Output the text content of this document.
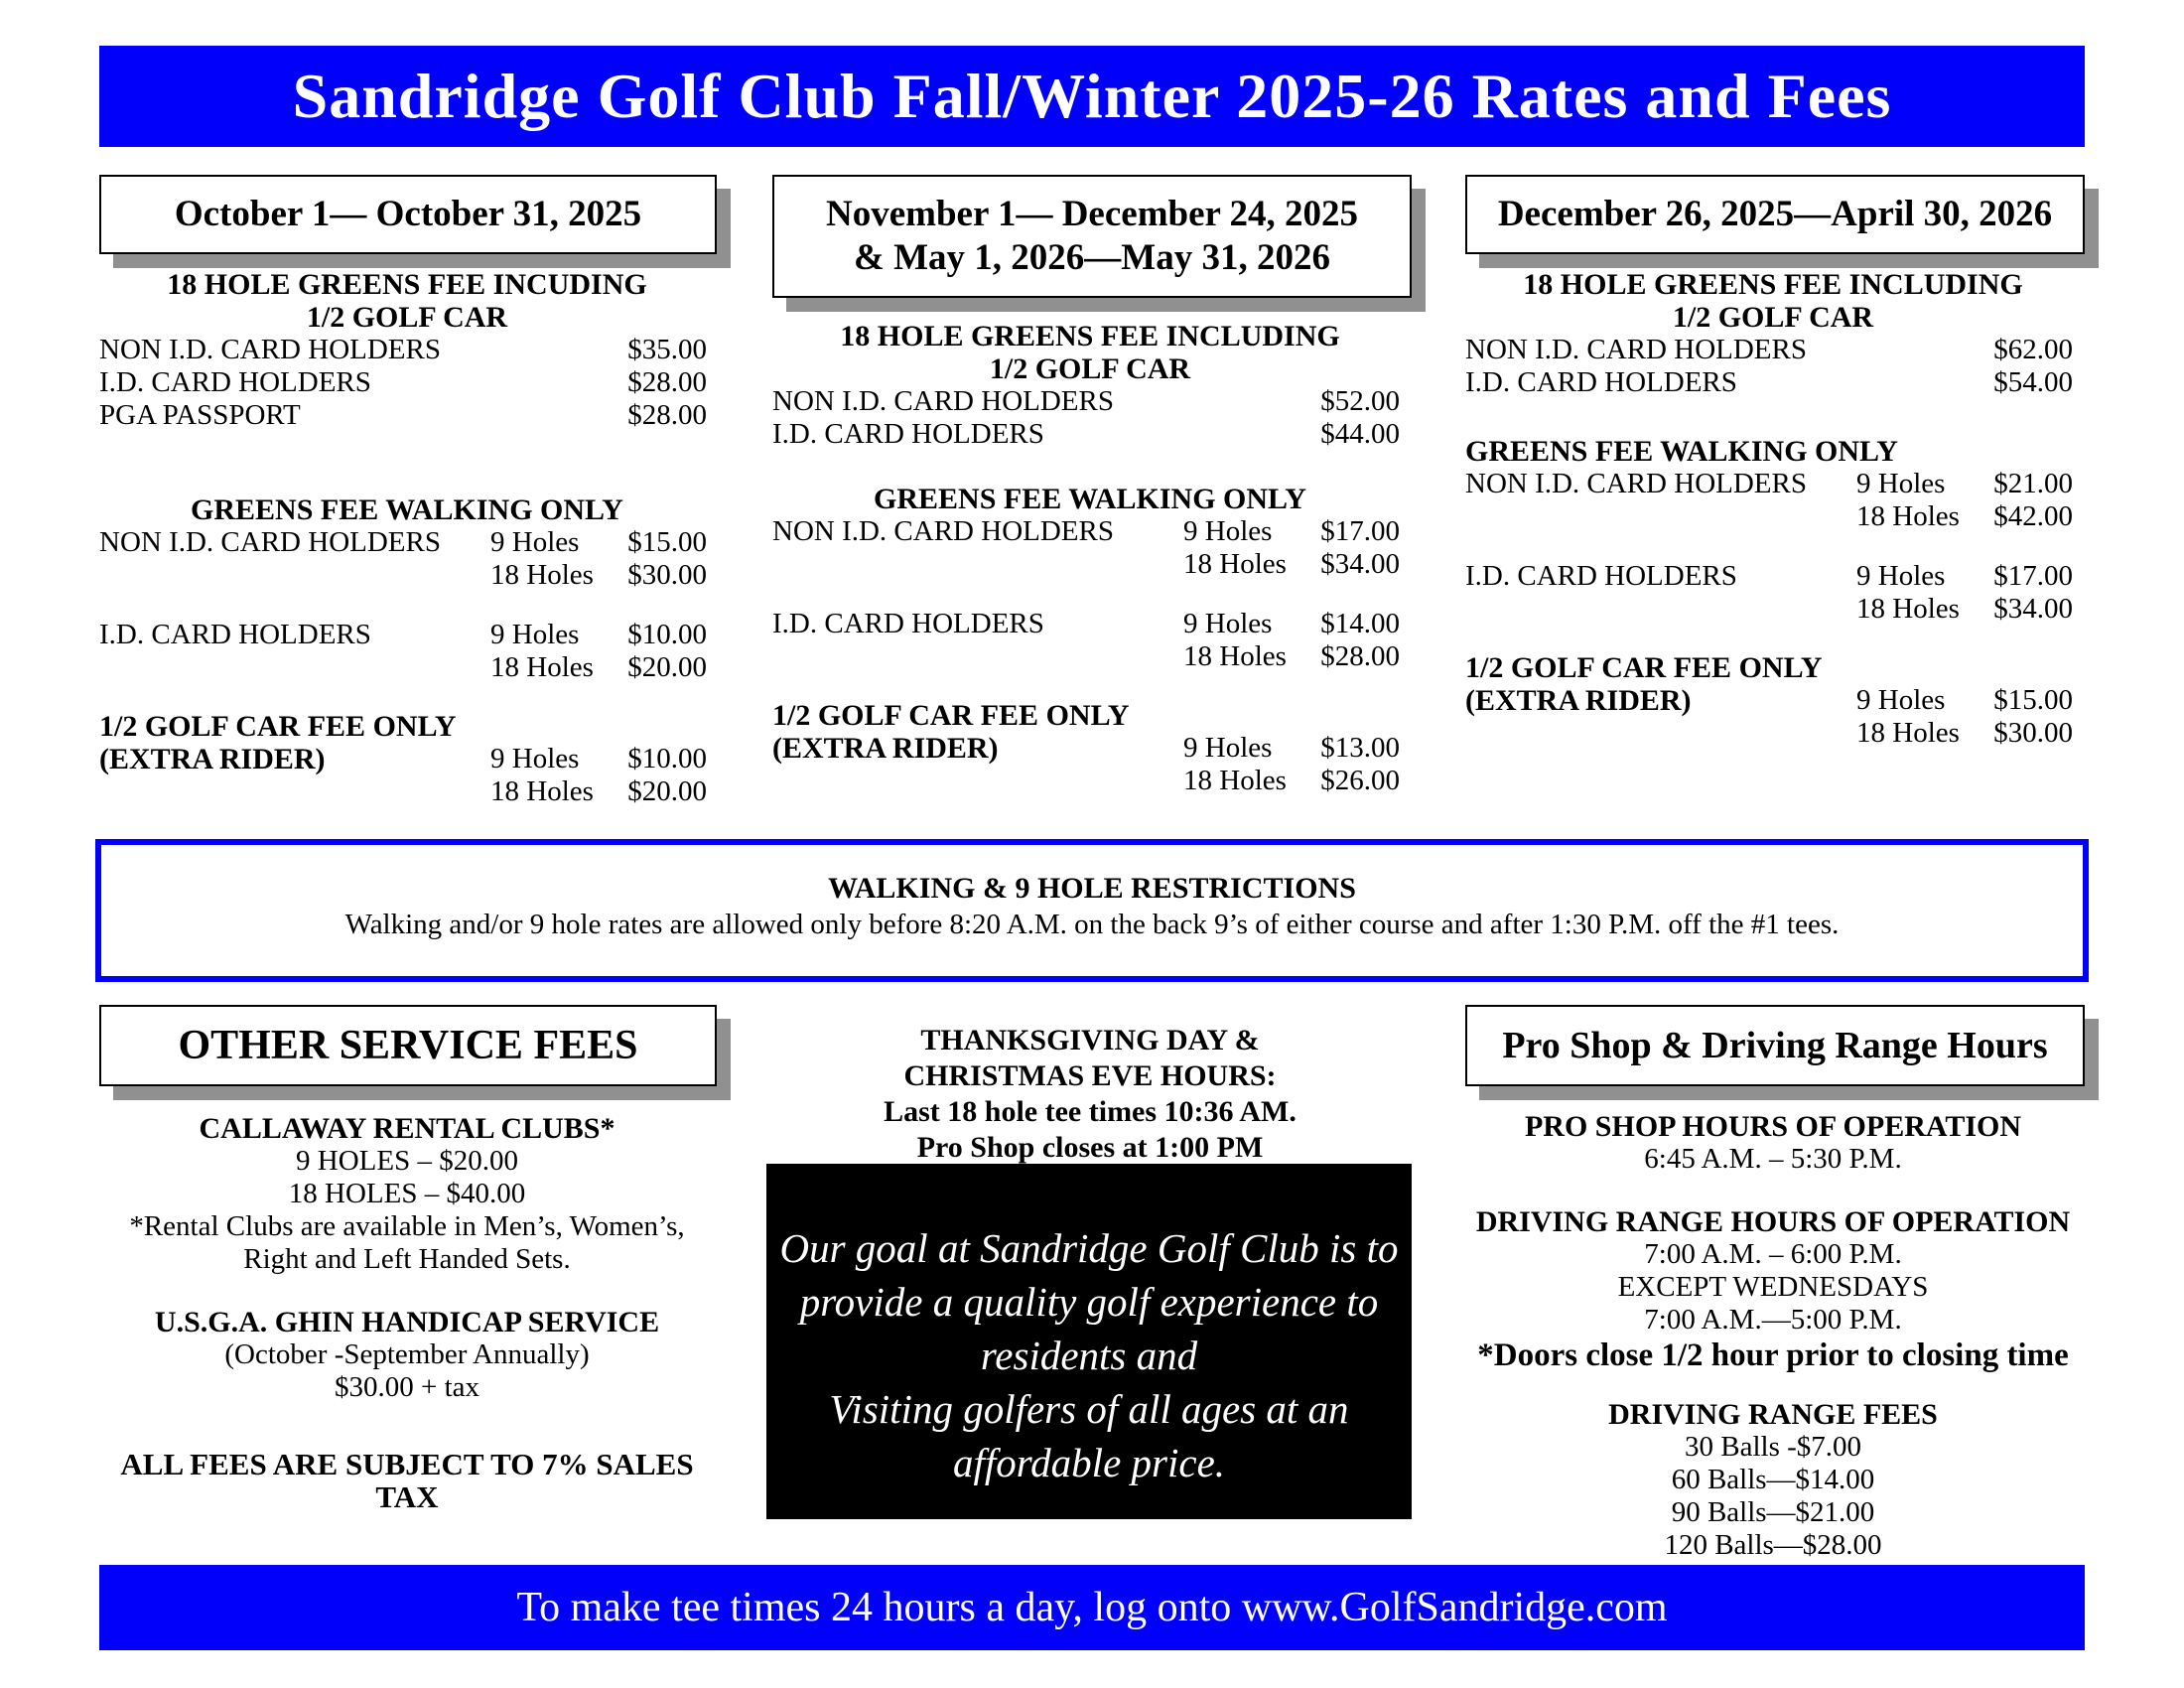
Sandridge Golf Club Fall/Winter 2025-26 Rates and Fees
October 1— October 31, 2025	November 1— December 24, 2025
& May 1, 2026—May 31, 2026
December 26, 2025—April 30, 2026
18 HOLE GREENS FEE INCUDING
1/2 GOLF CAR
NON I.D. CARD HOLDERS	$35.00
I.D. CARD HOLDERS	$28.00
PGA PASSPORT	$28.00
GREENS FEE WALKING ONLY
NON I.D. CARD HOLDERS	9 Holes $15.00
18 Holes $30.00
I.D. CARD HOLDERS	9 Holes $10.00
18 Holes $20.00
1/2 GOLF CAR FEE ONLY
(EXTRA RIDER)	9 Holes $10.00
18 Holes $20.00
18 HOLE GREENS FEE INCLUDING
1/2 GOLF CAR
NON I.D. CARD HOLDERS	$52.00
I.D. CARD HOLDERS	$44.00
GREENS FEE WALKING ONLY
NON I.D. CARD HOLDERS	9 Holes $17.00
18 Holes $34.00
I.D. CARD HOLDERS	9 Holes $14.00
18 Holes $28.00
1/2 GOLF CAR FEE ONLY
(EXTRA RIDER)	9 Holes $13.00
18 Holes $26.00
18 HOLE GREENS FEE INCLUDING
1/2 GOLF CAR
NON I.D. CARD HOLDERS	$62.00
I.D. CARD HOLDERS	$54.00
GREENS FEE WALKING ONLY
NON I.D. CARD HOLDERS	9 Holes $21.00
18 Holes $42.00
I.D. CARD HOLDERS	9 Holes $17.00
18 Holes $34.00
1/2 GOLF CAR FEE ONLY
(EXTRA RIDER)	9 Holes $15.00
18 Holes $30.00
WALKING & 9 HOLE RESTRICTIONS
Walking and/or 9 hole rates are allowed only before 8:20 A.M. on the back 9’s of either course and after 1:30 P.M. off the #1 tees.
OTHER SERVICE FEES
CALLAWAY RENTAL CLUBS*
9 HOLES – $20.00
18 HOLES – $40.00
*Rental Clubs are available in Men’s, Women’s,
Right and Left Handed Sets.
U.S.G.A. GHIN HANDICAP SERVICE
(October -September Annually)
$30.00 + tax
ALL FEES ARE SUBJECT TO 7% SALES TAX
THANKSGIVING DAY &
CHRISTMAS EVE HOURS:
Last 18 hole tee times 10:36 AM.
Pro Shop closes at 1:00 PM
Our goal at Sandridge Golf Club is to
provide a quality golf experience to
residents and
Visiting golfers of all ages at an
affordable price.
Pro Shop & Driving Range Hours
PRO SHOP HOURS OF OPERATION
6:45 A.M. – 5:30 P.M.
DRIVING RANGE HOURS OF OPERATION
7:00 A.M. – 6:00 P.M.
EXCEPT WEDNESDAYS
7:00 A.M.—5:00 P.M.
*Doors close 1/2 hour prior to closing time
DRIVING RANGE FEES
30 Balls -$7.00
60 Balls—$14.00
90 Balls—$21.00
120 Balls—$28.00
To make tee times 24 hours a day, log onto www.GolfSandridge.com
